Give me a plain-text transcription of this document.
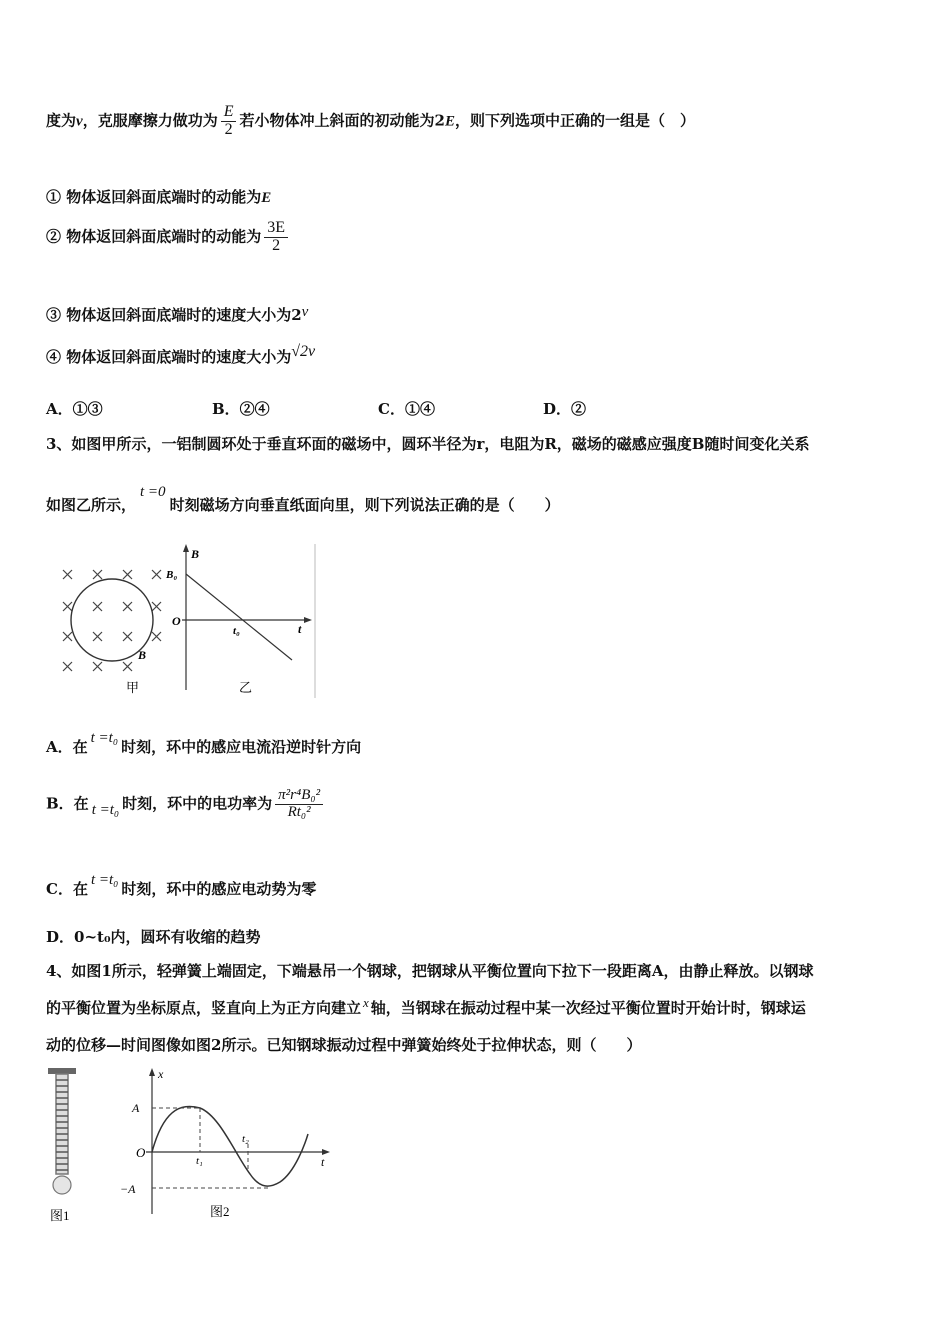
度为v，克服摩擦力做功为 $\frac{E}{2}$ 若小物体冲上斜面的初动能为2E，则下列选项中正确的一组是（　）
① 物体返回斜面底端时的动能为E
② 物体返回斜面底端时的动能为 $\frac{3E}{2}$
③ 物体返回斜面底端时的速度大小为2v
④ 物体返回斜面底端时的速度大小为√2v
A．①③	B．②④	C．①④	D．②
3、如图甲所示，一铝制圆环处于垂直环面的磁场中，圆环半径为r，电阻为R，磁场的磁感应强度B随时间变化关系
如图乙所示，t =0时刻磁场方向垂直纸面向里，则下列说法正确的是（　　）
B
甲
B
B₀
O
t₀	t
乙
A．在 t =t₀ 时刻，环中的感应电流沿逆时针方向
B．在 t =t₀ 时刻，环中的电功率为 $\frac{\text{π²r⁴B₀²}}{\text{Rt₀²}}$
C．在 t =t₀ 时刻，环中的感应电动势为零
D．0~t₀内，圆环有收缩的趋势
4、如图1所示，轻弹簧上端固定，下端悬吊一个钢球，把钢球从平衡位置向下拉下一段距离A，由静止释放。以钢球
的平衡位置为坐标原点，竖直向上为正方向建立 x 轴，当钢球在振动过程中某一次经过平衡位置时开始计时，钢球运
动的位移—时间图像如图2所示。已知钢球振动过程中弹簧始终处于拉伸状态，则（　　）
图1
x
A
O
−A
t
t₁
t₂
图2
